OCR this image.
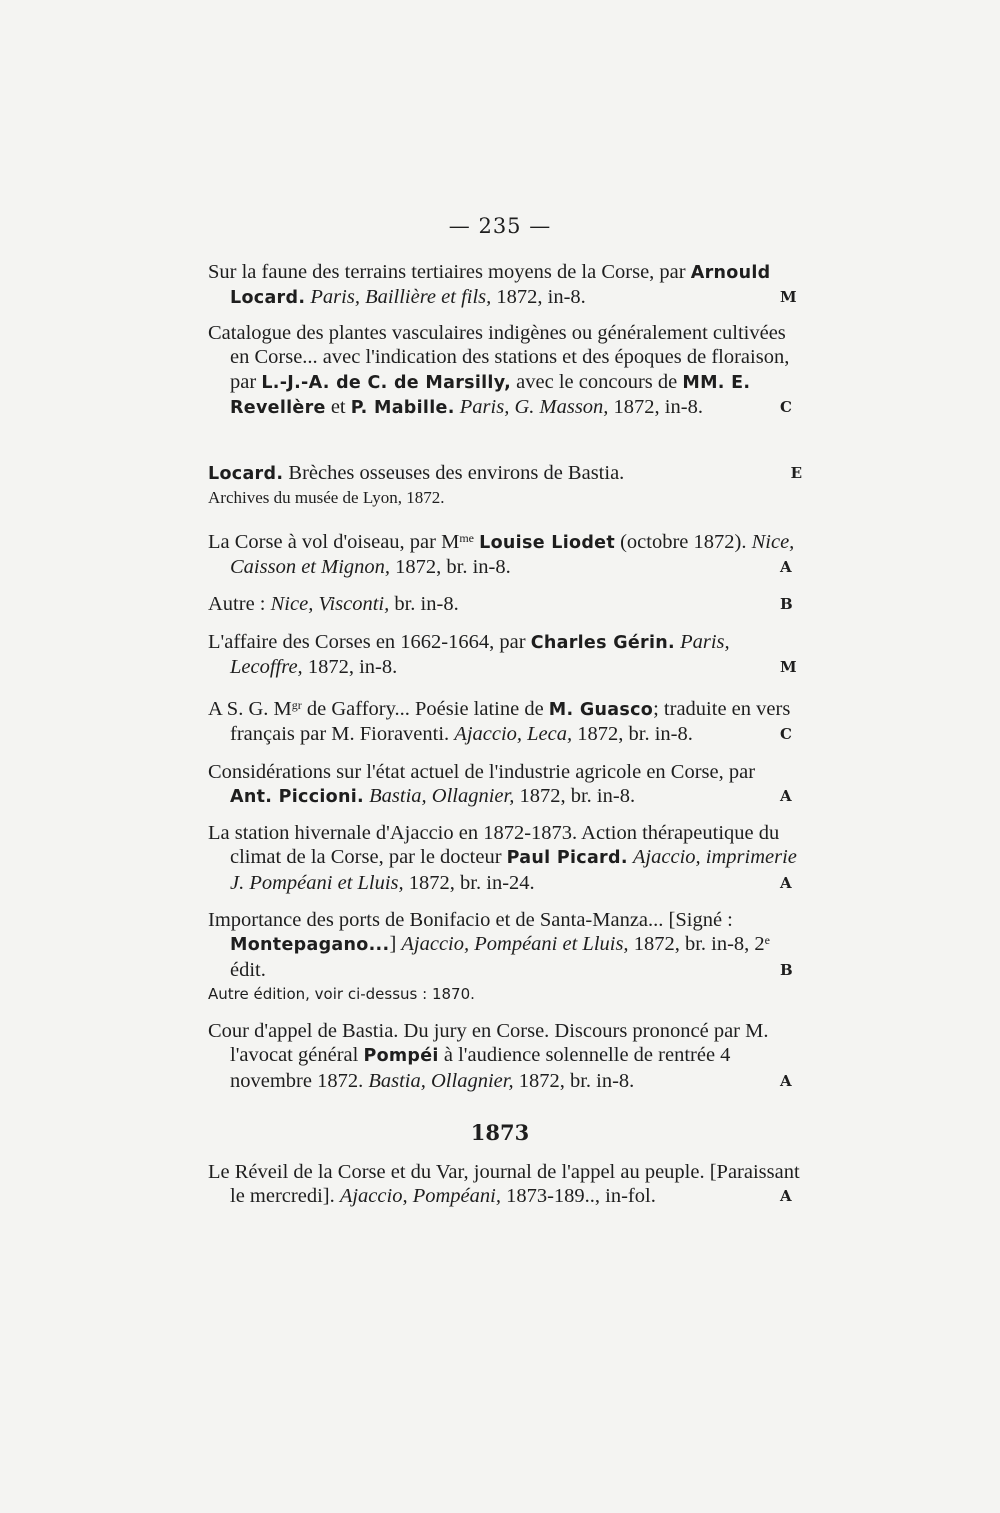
— 235 —

Sur la faune des terrains tertiaires moyens de la Corse, par Arnould Locard. Paris, Baillière et fils, 1872, in-8.	M

Catalogue des plantes vasculaires indigènes ou généralement cultivées en Corse... avec l'indication des stations et des époques de floraison, par L.-J.-A. de C. de Marsilly, avec le concours de MM. E. Revellère et P. Mabille. Paris, G. Masson, 1872, in-8.	C

Locard. Brèches osseuses des environs de Bastia.	E

Archives du musée de Lyon, 1872.

La Corse à vol d'oiseau, par $M^{me}$ Louise Liodet (octobre 1872). Nice, Caisson et Mignon, 1872, br. in-8.	A

Autre : Nice, Visconti, br. in-8.	B

L'affaire des Corses en 1662-1664, par Charles Gérin. Paris, Lecoffre, 1872, in-8.	M

A S. G. $M^{gr}$ de Gaffory... Poésie latine de M. Guasco; traduite en vers français par M. Fioraventi. Ajaccio, Leca, 1872, br. in-8.	C

Considérations sur l'état actuel de l'industrie agricole en Corse, par Ant. Piccioni. Bastia, Ollagnier, 1872, br. in-8.	A

La station hivernale d'Ajaccio en 1872-1873. Action thérapeutique du climat de la Corse, par le docteur Paul Picard. Ajaccio, imprimerie J. Pompéani et Lluis, 1872, br. in-24.	A

Importance des ports de Bonifacio et de Santa-Manza... [Signé : Montepagano...] Ajaccio, Pompéani et Lluis, 1872, br. in-8, 2e édit.	B

Autre édition, voir ci-dessus : 1870.

Cour d'appel de Bastia. Du jury en Corse. Discours prononcé par M. l'avocat général Pompéi à l'audience solennelle de rentrée 4 novembre 1872. Bastia, Ollagnier, 1872, br. in-8.	A

1873

Le Réveil de la Corse et du Var, journal de l'appel au peuple. [Paraissant le mercredi]. Ajaccio, Pompéani, 1873-189.., in-fol.	A
